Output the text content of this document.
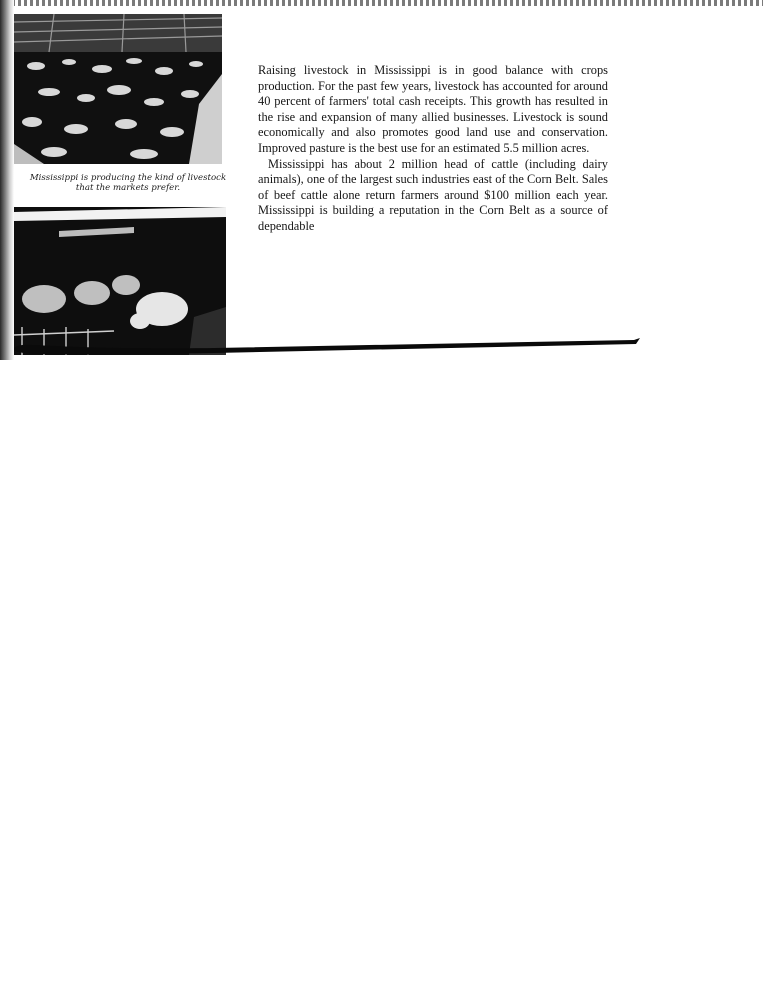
Mississippi is producing the kind of livestock that the markets prefer.

Raising livestock in Mississippi is in good balance with crops production. For the past few years, livestock has accounted for around 40 percent of farmers' total cash receipts. This growth has resulted in the rise and expansion of many allied businesses. Livestock is sound economically and also promotes good land use and conservation. Improved pasture is the best use for an estimated 5.5 million acres.

Mississippi has about 2 million head of cattle (including dairy animals), one of the largest such industries east of the Corn Belt. Sales of beef cattle alone return farmers around $100 million each year. Mississippi is building a reputation in the Corn Belt as a source of dependable
